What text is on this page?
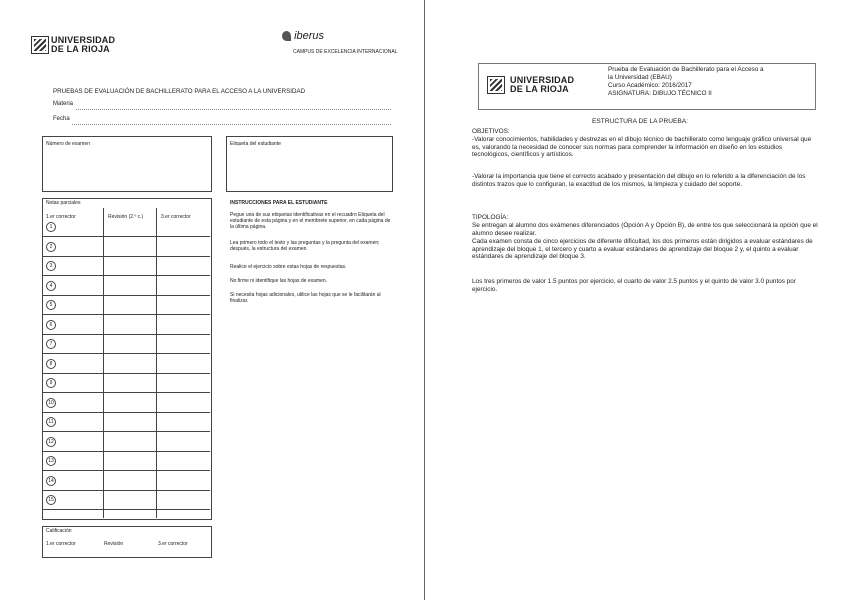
UNIVERSIDAD
DE LA RIOJA
iberus
CAMPUS DE EXCELENCIA INTERNACIONAL
PRUEBAS DE EVALUACIÓN DE BACHILLERATO PARA EL ACCESO A LA UNIVERSIDAD
Materia
Fecha
Número de examen	Etiqueta del estudiante
Notas parciales
1.er corrector	Revisión (2.º c.)	3.er corrector
1
2
3
4
5
6
7
8
9
10
11
12
13
14
15
Calificación
1.er corrector	Revisión	3.er corrector
INSTRUCCIONES PARA EL ESTUDIANTE
Pegue una de sus etiquetas identificativas en el recuadro Etiqueta del estudiante de esta página y en el membrete superior, en cada página de la última página.
Lea primero todo el texto y las preguntas y la pregunta del examen; después, la estructura del examen.
Realice el ejercicio sobre estas hojas de respuestas.
No firme ni identifique las hojas de examen.
Si necesita hojas adicionales, utilice las hojas que se le facilitarán al finalizar.
UNIVERSIDAD
DE LA RIOJA
Prueba de Evaluación de Bachillerato para el Acceso a
la Universidad (EBAU)
Curso Académico: 2016/2017
ASIGNATURA: DIBUJO TÉCNICO II
ESTRUCTURA DE LA PRUEBA:
OBJETIVOS:
-Valorar conocimientos, habilidades y destrezas en el dibujo técnico de bachillerato como lenguaje gráfico universal que es, valorando la necesidad de conocer sus normas para comprender la información en diseño en los estudios tecnológicos, científicos y artísticos.
-Valorar la importancia que tiene el correcto acabado y presentación del dibujo en lo referido a la diferenciación de los distintos trazos que lo configuran, la exactitud de los mismos, la limpieza y cuidado del soporte.
TIPOLOGÍA:
Se entregan al alumno dos exámenes diferenciados (Opción A y Opción B), de entre los que seleccionará la opción que el alumno desee realizar.
Cada examen consta de cinco ejercicios de diferente dificultad, los dos primeros están dirigidos a evaluar estándares de aprendizaje del bloque 1, el tercero y cuarto a evaluar estándares de aprendizaje del bloque 2 y, el quinto a evaluar estándares de aprendizaje del bloque 3.
Los tres primeros de valor 1.5 puntos por ejercicio, el cuarto de valor 2.5 puntos y el quinto de valor 3.0 puntos por ejercicio.
